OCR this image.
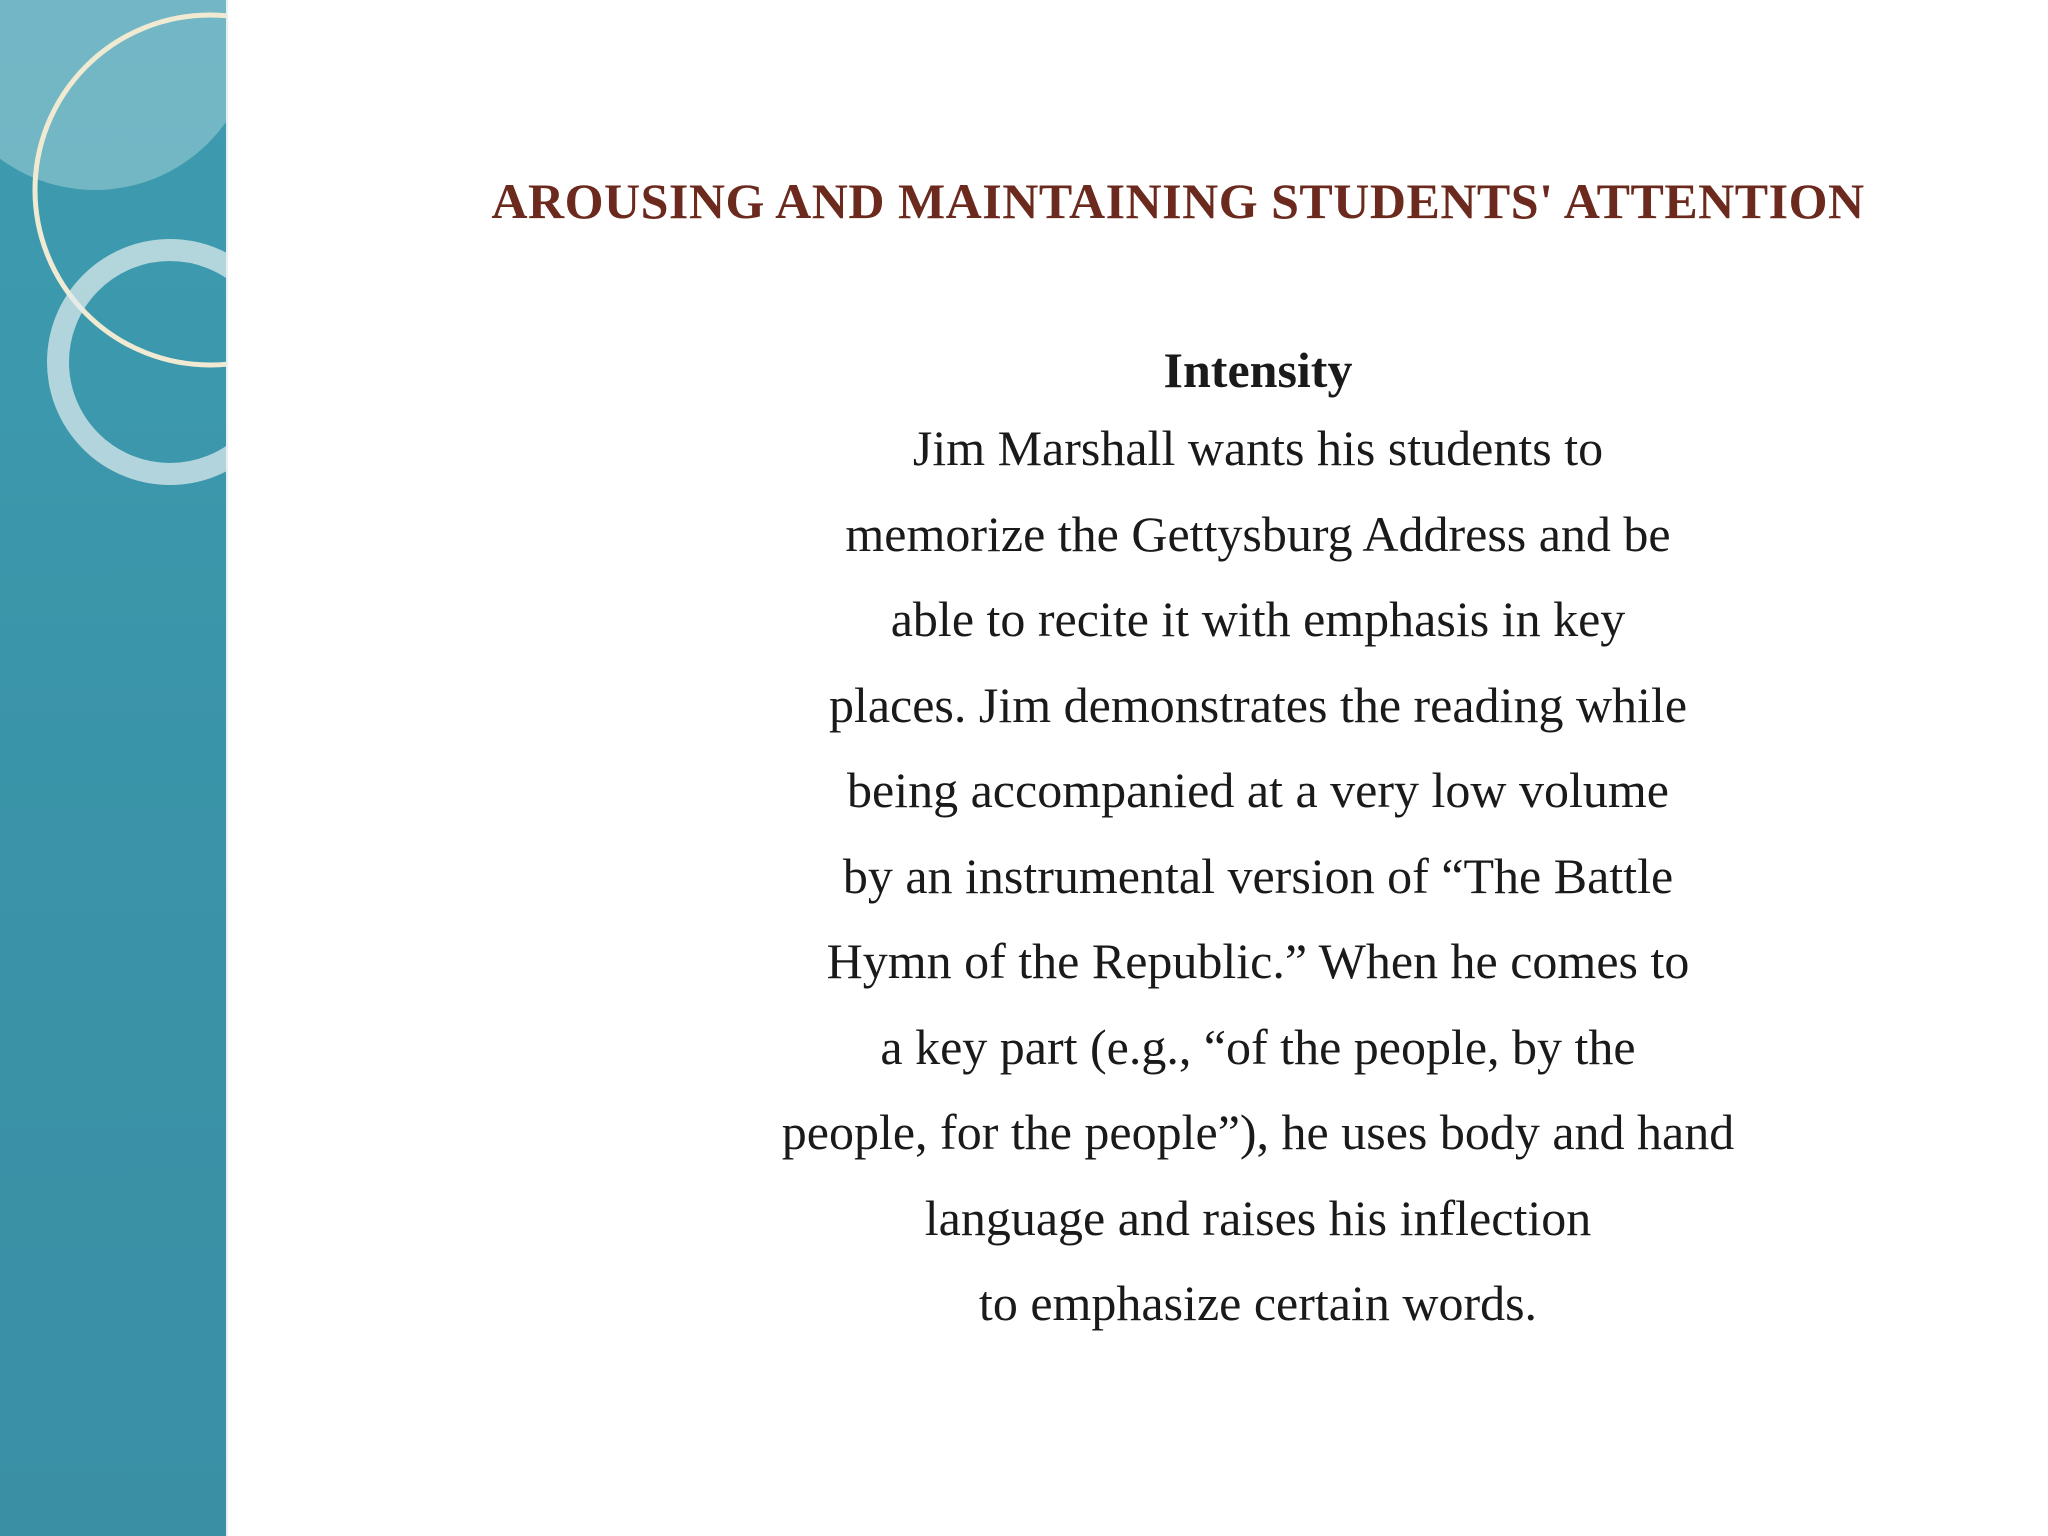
AROUSING AND MAINTAINING STUDENTS' ATTENTION

Intensity

Jim Marshall wants his students to

memorize the Gettysburg Address and be

able to recite it with emphasis in key

places. Jim demonstrates the reading while

being accompanied at a very low volume

by an instrumental version of “The Battle

Hymn of the Republic.” When he comes to

a key part (e.g., “of the people, by the

people, for the people”), he uses body and hand

language and raises his inflection

to emphasize certain words.
